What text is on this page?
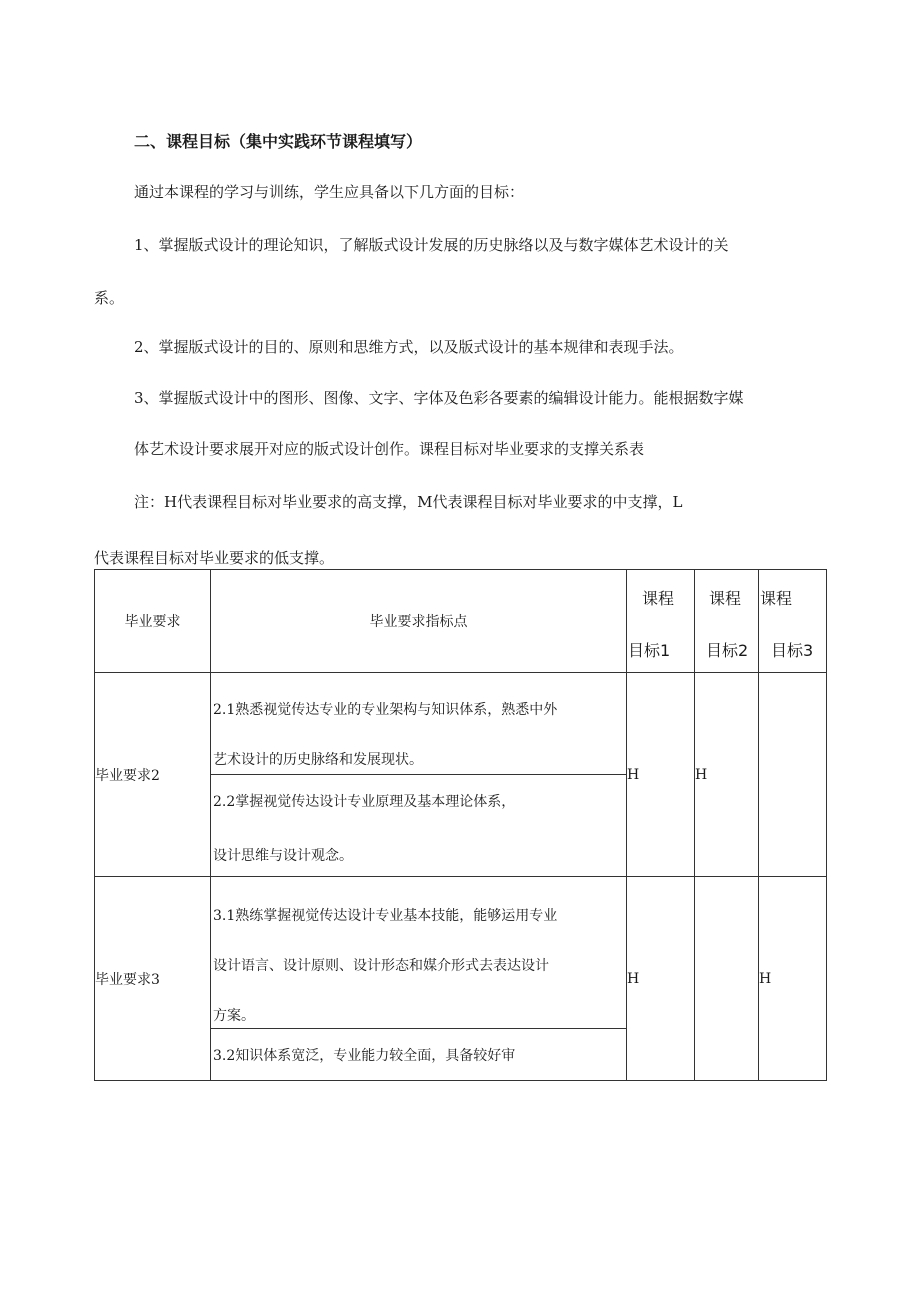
二、课程目标（集中实践环节课程填写）
通过本课程的学习与训练，学生应具备以下几方面的目标：
1、掌握版式设计的理论知识，了解版式设计发展的历史脉络以及与数字媒体艺术设计的关
系。
2、掌握版式设计的目的、原则和思维方式，以及版式设计的基本规律和表现手法。
3、掌握版式设计中的图形、图像、文字、字体及色彩各要素的编辑设计能力。能根据数字媒
体艺术设计要求展开对应的版式设计创作。课程目标对毕业要求的支撑关系表
注：H代表课程目标对毕业要求的高支撑，M代表课程目标对毕业要求的中支撑，L
代表课程目标对毕业要求的低支撑。
毕业要求	毕业要求指标点	课程
目标1	课程
目标2	课程
目标3

毕业要求2	2.1熟悉视觉传达专业的专业架构与知识体系，熟悉中外
艺术设计的历史脉络和发展现状。	H	H	

	2.2掌握视觉传达设计专业原理及基本理论体系，
设计思维与设计观念。			

毕业要求3	3.1熟练掌握视觉传达设计专业基本技能，能够运用专业
设计语言、设计原则、设计形态和媒介形式去表达设计
方案。	H		H

	3.2知识体系宽泛，专业能力较全面，具备较好审			
